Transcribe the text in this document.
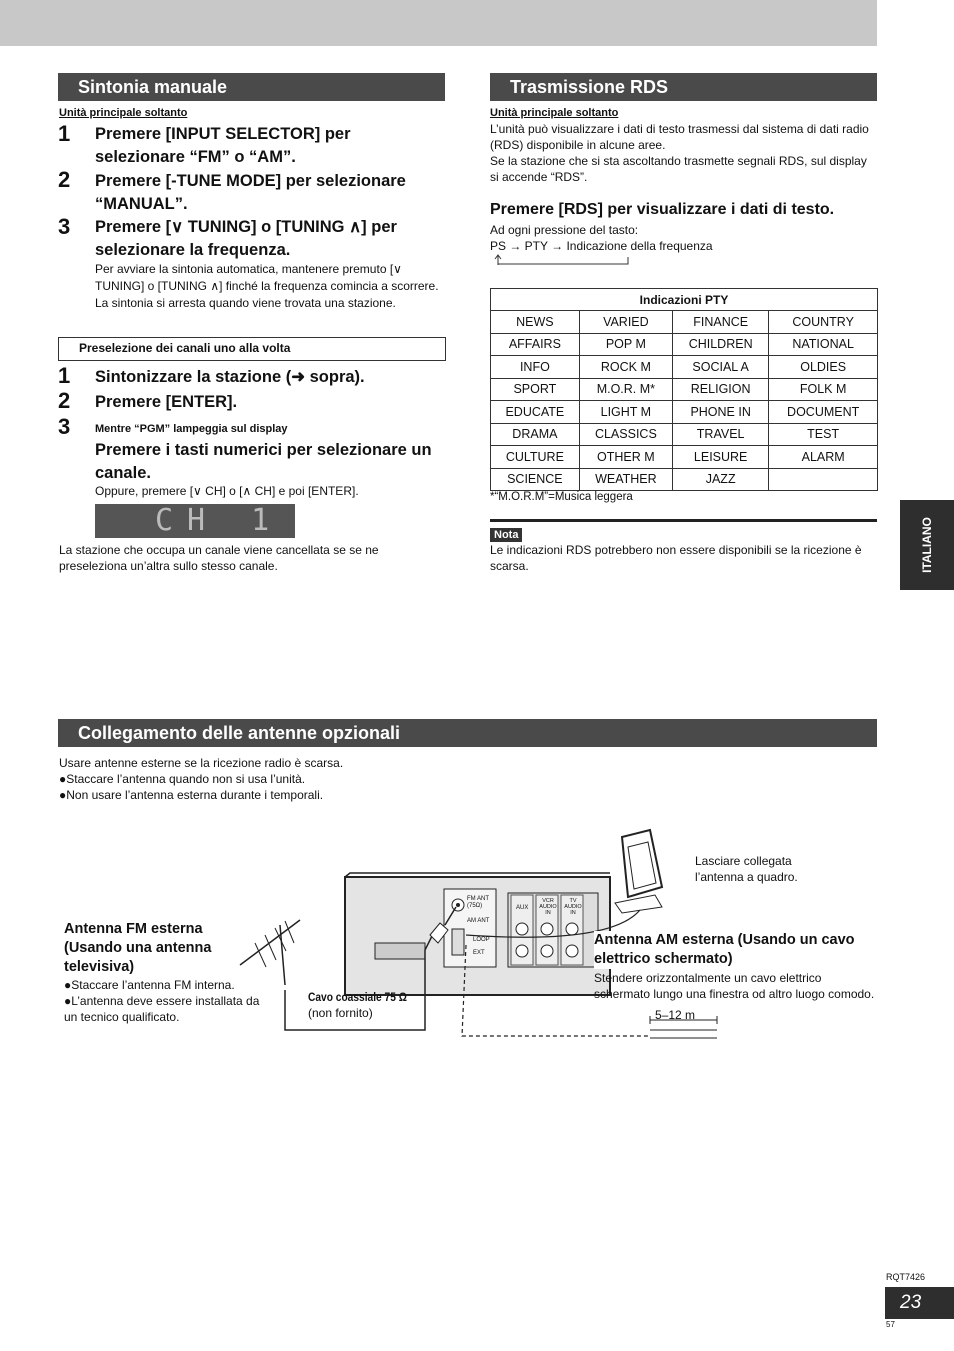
Sintonia manuale
Unità principale soltanto
1 Premere [INPUT SELECTOR] per selezionare “FM” o “AM”.
2 Premere [-TUNE MODE] per selezionare “MANUAL”.
3 Premere [∨ TUNING] o [TUNING ∧] per selezionare la frequenza.
Per avviare la sintonia automatica, mantenere premuto [∨ TUNING] o [TUNING ∧] finché la frequenza comincia a scorrere. La sintonia si arresta quando viene trovata una stazione.
Preselezione dei canali uno alla volta
1 Sintonizzare la stazione (➜ sopra).
2 Premere [ENTER].
3 Mentre “PGM” lampeggia sul display
Premere i tasti numerici per selezionare un canale.
Oppure, premere [∨ CH] o [∧ CH] e poi [ENTER].
CH 1
La stazione che occupa un canale viene cancellata se se ne preseleziona un’altra sullo stesso canale.
Trasmissione RDS
Unità principale soltanto
L’unità può visualizzare i dati di testo trasmessi dal sistema di dati radio (RDS) disponibile in alcune aree.
Se la stazione che si sta ascoltando trasmette segnali RDS, sul display si accende “RDS”.
Premere [RDS] per visualizzare i dati di testo.
Ad ogni pressione del tasto:
PS → PTY → Indicazione della frequenza
Indicazioni PTY			
NEWS	VARIED	FINANCE	COUNTRY
AFFAIRS	POP M	CHILDREN	NATIONAL
INFO	ROCK M	SOCIAL A	OLDIES
SPORT	M.O.R. M*	RELIGION	FOLK M
EDUCATE	LIGHT M	PHONE IN	DOCUMENT
DRAMA	CLASSICS	TRAVEL	TEST
CULTURE	OTHER M	LEISURE	ALARM
SCIENCE	WEATHER	JAZZ	
*“M.O.R.M”=Musica leggera
Nota
Le indicazioni RDS potrebbero non essere disponibili se la ricezione è scarsa.	ITALIANO
Collegamento delle antenne opzionali
Usare antenne esterne se la ricezione radio è scarsa.
●Staccare l’antenna quando non si usa l’unità.
●Non usare l’antenna esterna durante i temporali.
FM ANT
(75Ω)
AM ANT
LOOP
EXT
AUX
VCR AUDIO IN
TV AUDIO IN
Antenna FM esterna (Usando una antenna televisiva)
●Staccare l’antenna FM interna.
●L’antenna deve essere installata da un tecnico qualificato.
Cavo coassiale 75 Ω
(non fornito)
Lasciare collegata l’antenna a quadro.
Antenna AM esterna (Usando un cavo elettrico schermato)
Stendere orizzontalmente un cavo elettrico schermato lungo una finestra od altro luogo comodo.
5–12 m
RQT7426
23
57
